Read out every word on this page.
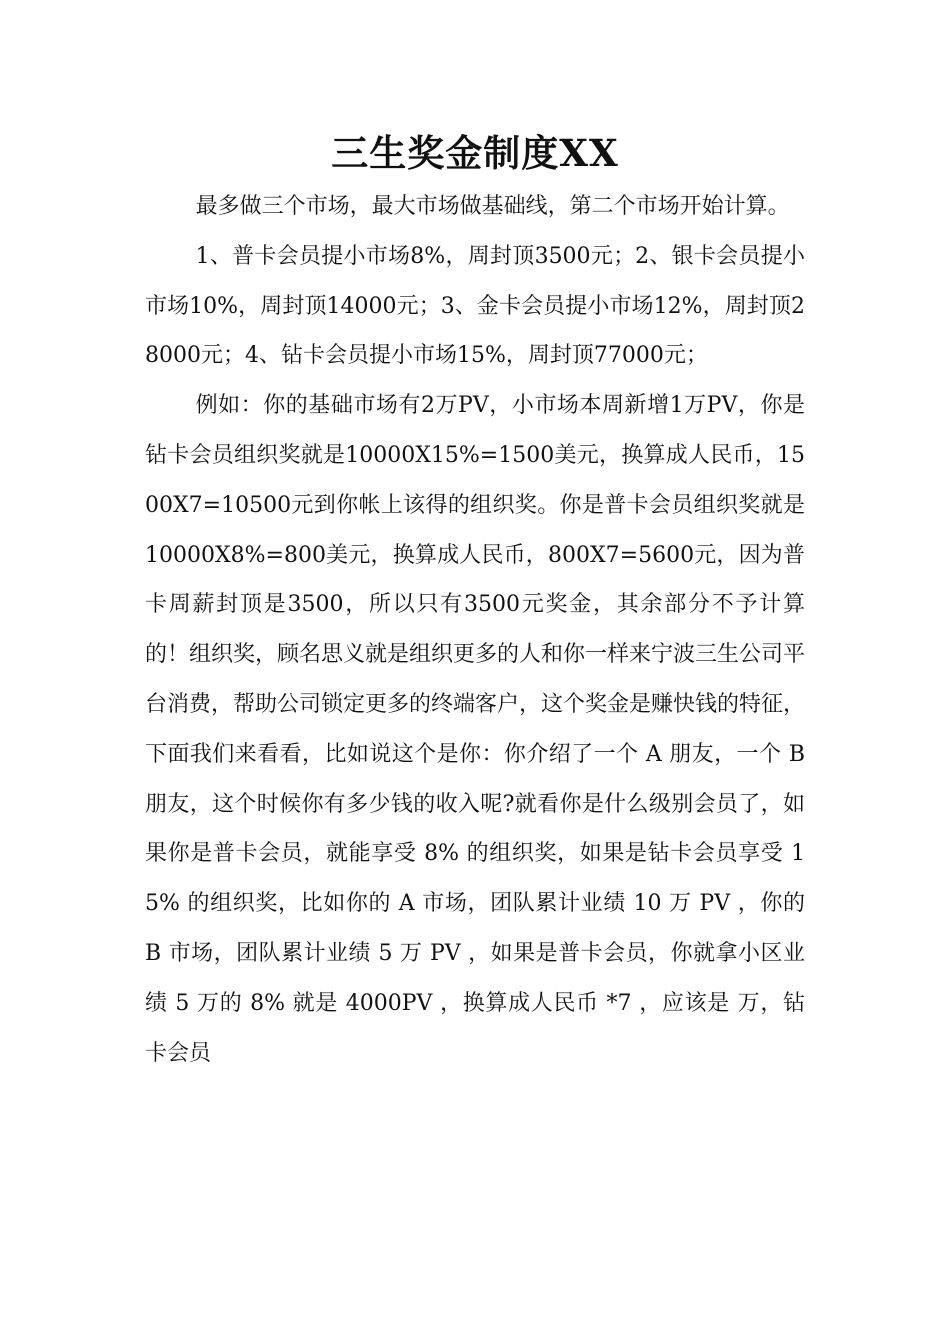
三生奖金制度XX

最多做三个市场，最大市场做基础线，第二个市场开始计算。

1、普卡会员提小市场8%，周封顶3500元；2、银卡会员提小市场10%，周封顶14000元；3、金卡会员提小市场12%，周封顶28000元；4、钻卡会员提小市场15%，周封顶77000元；

例如：你的基础市场有2万PV，小市场本周新增1万PV，你是钻卡会员组织奖就是10000X15%=1500美元，换算成人民币，1500X7=10500元到你帐上该得的组织奖。你是普卡会员组织奖就是10000X8%=800美元，换算成人民币，800X7=5600元，因为普卡周薪封顶是3500，所以只有3500元奖金，其余部分不予计算的！组织奖，顾名思义就是组织更多的人和你一样来宁波三生公司平台消费，帮助公司锁定更多的终端客户，这个奖金是赚快钱的特征，下面我们来看看，比如说这个是你：你介绍了一个 A 朋友，一个 B 朋友，这个时候你有多少钱的收入呢?就看你是什么级别会员了，如果你是普卡会员，就能享受 8% 的组织奖，如果是钻卡会员享受 15% 的组织奖，比如你的 A 市场，团队累计业绩 10 万 PV ，你的 B 市场，团队累计业绩 5 万 PV ，如果是普卡会员，你就拿小区业绩 5 万的 8% 就是 4000PV ，换算成人民币 *7 ，应该是 万，钻卡会员
